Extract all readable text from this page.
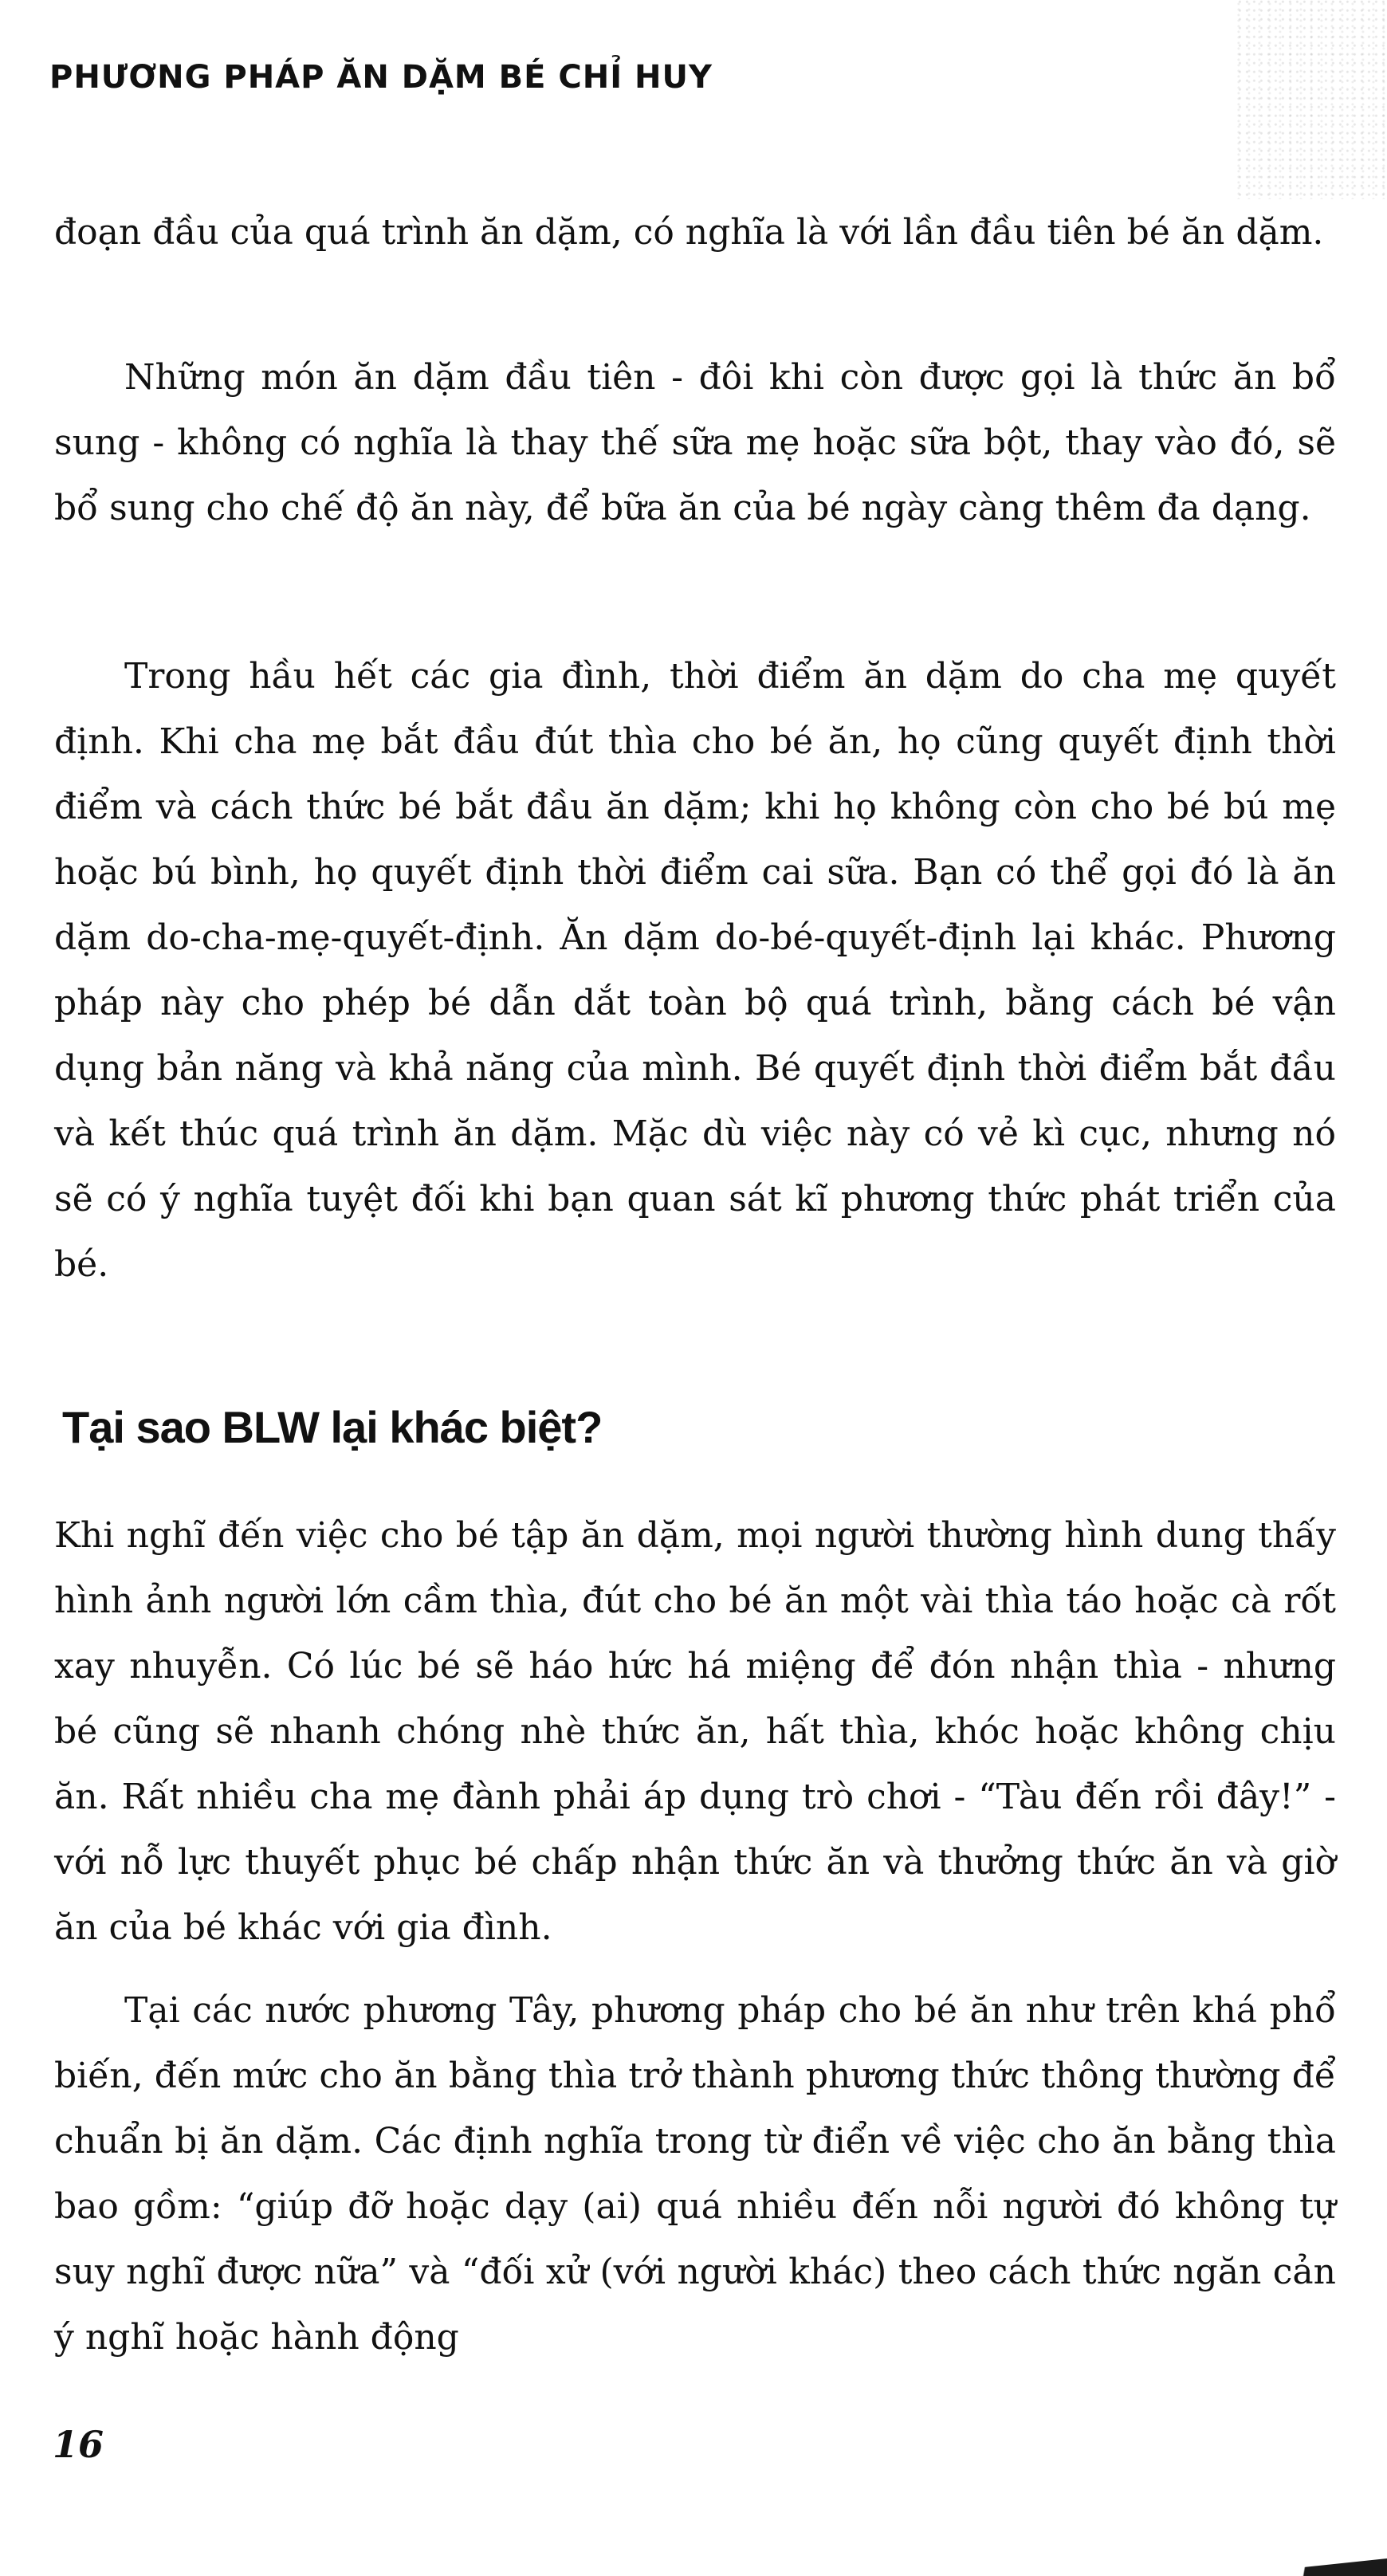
PHƯƠNG PHÁP ĂN DẶM BÉ CHỈ HUY

đoạn đầu của quá trình ăn dặm, có nghĩa là với lần đầu tiên bé ăn dặm.

Những món ăn dặm đầu tiên - đôi khi còn được gọi là thức ăn bổ sung - không có nghĩa là thay thế sữa mẹ hoặc sữa bột, thay vào đó, sẽ bổ sung cho chế độ ăn này, để bữa ăn của bé ngày càng thêm đa dạng.

Trong hầu hết các gia đình, thời điểm ăn dặm do cha mẹ quyết định. Khi cha mẹ bắt đầu đút thìa cho bé ăn, họ cũng quyết định thời điểm và cách thức bé bắt đầu ăn dặm; khi họ không còn cho bé bú mẹ hoặc bú bình, họ quyết định thời điểm cai sữa. Bạn có thể gọi đó là ăn dặm do-cha-mẹ-quyết-định. Ăn dặm do-bé-quyết-định lại khác. Phương pháp này cho phép bé dẫn dắt toàn bộ quá trình, bằng cách bé vận dụng bản năng và khả năng của mình. Bé quyết định thời điểm bắt đầu và kết thúc quá trình ăn dặm. Mặc dù việc này có vẻ kì cục, nhưng nó sẽ có ý nghĩa tuyệt đối khi bạn quan sát kĩ phương thức phát triển của bé.

Tại sao BLW lại khác biệt?

Khi nghĩ đến việc cho bé tập ăn dặm, mọi người thường hình dung thấy hình ảnh người lớn cầm thìa, đút cho bé ăn một vài thìa táo hoặc cà rốt xay nhuyễn. Có lúc bé sẽ háo hức há miệng để đón nhận thìa - nhưng bé cũng sẽ nhanh chóng nhè thức ăn, hất thìa, khóc hoặc không chịu ăn. Rất nhiều cha mẹ đành phải áp dụng trò chơi - “Tàu đến rồi đây!” - với nỗ lực thuyết phục bé chấp nhận thức ăn và thưởng thức ăn và giờ ăn của bé khác với gia đình.

Tại các nước phương Tây, phương pháp cho bé ăn như trên khá phổ biến, đến mức cho ăn bằng thìa trở thành phương thức thông thường để chuẩn bị ăn dặm. Các định nghĩa trong từ điển về việc cho ăn bằng thìa bao gồm: “giúp đỡ hoặc dạy (ai) quá nhiều đến nỗi người đó không tự suy nghĩ được nữa” và “đối xử (với người khác) theo cách thức ngăn cản ý nghĩ hoặc hành động

16
